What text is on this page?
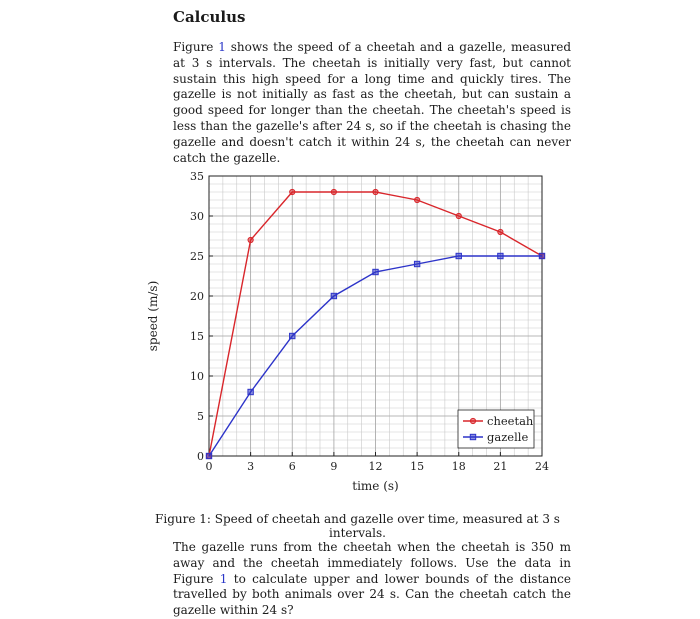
Calculus

Figure 1 shows the speed of a cheetah and a gazelle, measured at 3 s intervals. The cheetah is initially very fast, but cannot sustain this high speed for a long time and quickly tires. The gazelle is not initially as fast as the cheetah, but can sustain a good speed for longer than the cheetah. The cheetah's speed is less than the gazelle's after 24 s, so if the cheetah is chasing the gazelle and doesn't catch it within 24 s, the cheetah can never catch the gazelle.

0	3	6	9	12	15	18	21	24
0
5
10
15
20
25
30
35
time (s)
speed (m/s)
cheetah
gazelle

Figure 1: Speed of cheetah and gazelle over time, measured at 3 s intervals.

The gazelle runs from the cheetah when the cheetah is 350 m away and the cheetah immediately follows. Use the data in Figure 1 to calculate upper and lower bounds of the distance travelled by both animals over 24 s. Can the cheetah catch the gazelle within 24 s?
